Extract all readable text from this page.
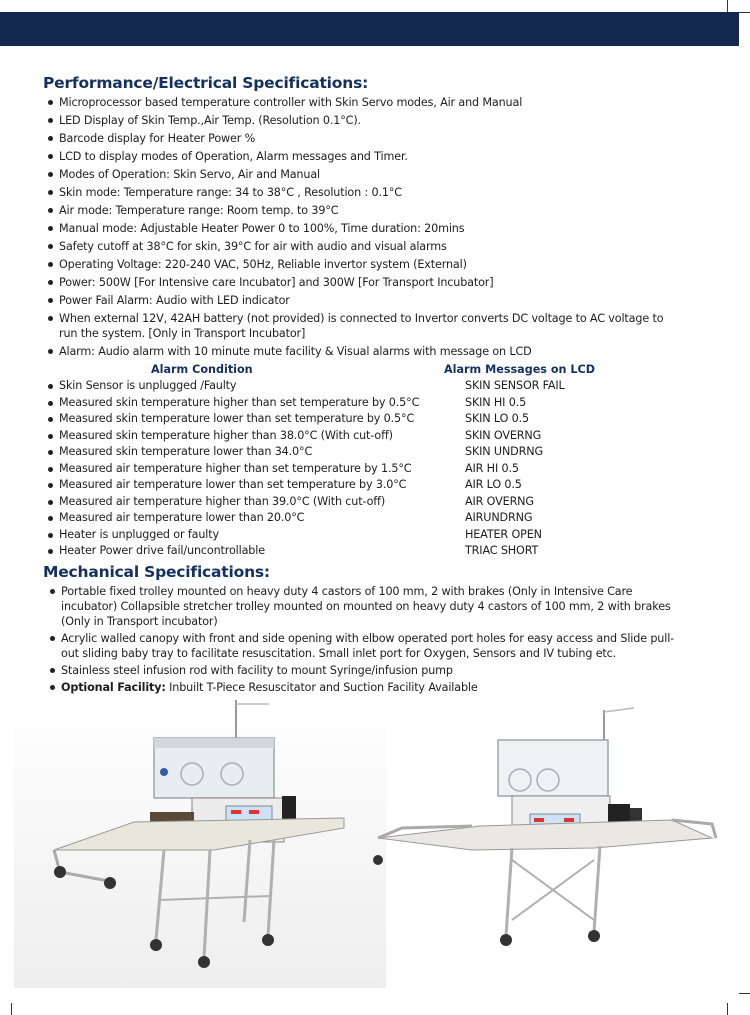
Performance/Electrical Specifications:
Microprocessor based temperature controller with Skin Servo modes, Air and Manual
LED Display of Skin Temp.,Air Temp. (Resolution 0.1°C).
Barcode display for Heater Power %
LCD to display modes of Operation, Alarm messages and Timer.
Modes of Operation: Skin Servo, Air and Manual
Skin mode: Temperature range: 34 to 38°C , Resolution : 0.1°C
Air mode: Temperature range: Room temp. to 39°C
Manual mode: Adjustable Heater Power 0 to 100%, Time duration: 20mins
Safety cutoff at 38°C for skin, 39°C for air with audio and visual alarms
Operating Voltage: 220-240 VAC, 50Hz, Reliable invertor system (External)
Power: 500W [For Intensive care Incubator] and 300W [For Transport Incubator]
Power Fail Alarm: Audio with LED indicator
When external 12V, 42AH battery (not provided) is connected to Invertor converts DC voltage to AC voltage to run the system. [Only in Transport Incubator]
Alarm: Audio alarm with 10 minute mute facility & Visual alarms with message on LCD
Alarm Condition	Alarm Messages on LCD
Skin Sensor is unplugged /Faulty	SKIN SENSOR FAIL
Measured skin temperature higher than set temperature by 0.5°C	SKIN HI 0.5
Measured skin temperature lower than set temperature by 0.5°C	SKIN LO 0.5
Measured skin temperature higher than 38.0°C (With cut-off)	SKIN OVERNG
Measured skin temperature lower than 34.0°C	SKIN UNDRNG
Measured air temperature higher than set temperature by 1.5°C	AIR HI 0.5
Measured air temperature lower than set temperature by 3.0°C	AIR LO 0.5
Measured air temperature higher than 39.0°C (With cut-off)	AIR OVERNG
Measured air temperature lower than 20.0°C	AIRUNDRNG
Heater is unplugged or faulty	HEATER OPEN
Heater Power drive fail/uncontrollable	TRIAC SHORT
Mechanical Specifications:
Portable fixed trolley mounted on heavy duty 4 castors of 100 mm, 2 with brakes (Only in Intensive Care incubator) Collapsible stretcher trolley mounted on mounted on heavy duty 4 castors of 100 mm, 2 with brakes (Only in Transport incubator)
Acrylic walled canopy with front and side opening with elbow operated port holes for easy access and Slide pull-out sliding baby tray to facilitate resuscitation. Small inlet port for Oxygen, Sensors and IV tubing etc.
Stainless steel infusion rod with facility to mount Syringe/infusion pump
Optional Facility: Inbuilt T-Piece Resuscitator and Suction Facility Available
